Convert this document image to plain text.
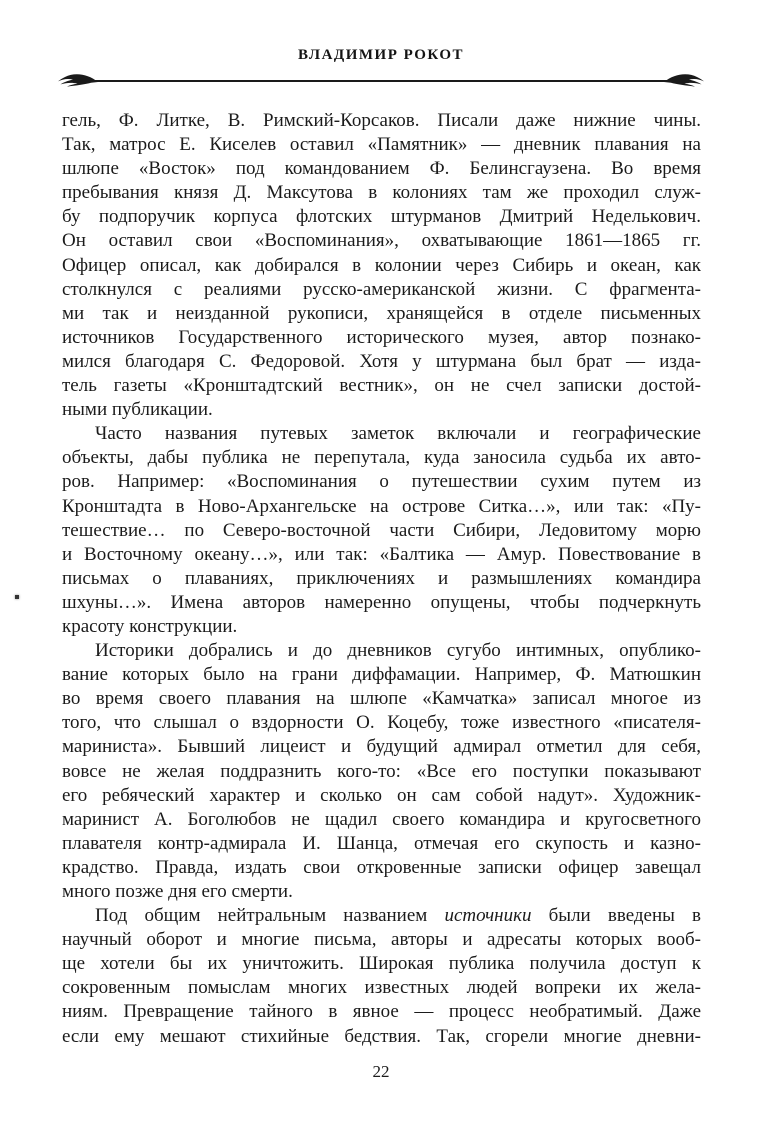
ВЛАДИМИР РОКОТ
гель, Ф. Литке, В. Римский-Корсаков. Писали даже нижние чины.
Так, матрос Е. Киселев оставил «Памятник» — дневник плавания на
шлюпе «Восток» под командованием Ф. Белинсгаузена. Во время
пребывания князя Д. Максутова в колониях там же проходил служ-
бу подпоручик корпуса флотских штурманов Дмитрий Неделькович.
Он оставил свои «Воспоминания», охватывающие 1861—1865 гг.
Офицер описал, как добирался в колонии через Сибирь и океан, как
столкнулся с реалиями русско-американской жизни. С фрагмента-
ми так и неизданной рукописи, хранящейся в отделе письменных
источников Государственного исторического музея, автор познако-
мился благодаря С. Федоровой. Хотя у штурмана был брат — изда-
тель газеты «Кронштадтский вестник», он не счел записки достой-
ными публикации.
Часто названия путевых заметок включали и географические
объекты, дабы публика не перепутала, куда заносила судьба их авто-
ров. Например: «Воспоминания о путешествии сухим путем из
Кронштадта в Ново-Архангельске на острове Ситка…», или так: «Пу-
тешествие… по Северо-восточной части Сибири, Ледовитому морю
и Восточному океану…», или так: «Балтика — Амур. Повествование в
письмах о плаваниях, приключениях и размышлениях командира
шхуны…». Имена авторов намеренно опущены, чтобы подчеркнуть
красоту конструкции.
Историки добрались и до дневников сугубо интимных, опублико-
вание которых было на грани диффамации. Например, Ф. Матюшкин
во время своего плавания на шлюпе «Камчатка» записал многое из
того, что слышал о вздорности О. Коцебу, тоже известного «писателя-
мариниста». Бывший лицеист и будущий адмирал отметил для себя,
вовсе не желая поддразнить кого-то: «Все его поступки показывают
его ребяческий характер и сколько он сам собой надут». Художник-
маринист А. Боголюбов не щадил своего командира и кругосветного
плавателя контр-адмирала И. Шанца, отмечая его скупость и казно-
крадство. Правда, издать свои откровенные записки офицер завещал
много позже дня его смерти.
Под общим нейтральным названием источники были введены в
научный оборот и многие письма, авторы и адресаты которых вооб-
ще хотели бы их уничтожить. Широкая публика получила доступ к
сокровенным помыслам многих известных людей вопреки их жела-
ниям. Превращение тайного в явное — процесс необратимый. Даже
если ему мешают стихийные бедствия. Так, сгорели многие дневни-
22
